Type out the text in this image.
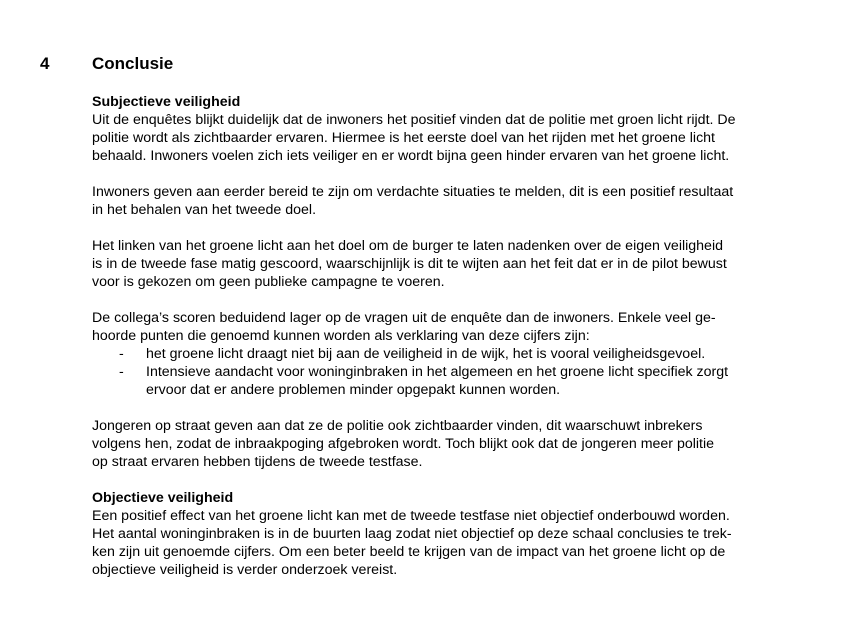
4	Conclusie
Subjectieve veiligheid

Uit de enquêtes blijkt duidelijk dat de inwoners het positief vinden dat de politie met groen licht rijdt. De
politie wordt als zichtbaarder ervaren. Hiermee is het eerste doel van het rijden met het groene licht
behaald. Inwoners voelen zich iets veiliger en er wordt bijna geen hinder ervaren van het groene licht.

Inwoners geven aan eerder bereid te zijn om verdachte situaties te melden, dit is een positief resultaat
in het behalen van het tweede doel.

Het linken van het groene licht aan het doel om de burger te laten nadenken over de eigen veiligheid
is in de tweede fase matig gescoord, waarschijnlijk is dit te wijten aan het feit dat er in de pilot bewust
voor is gekozen om geen publieke campagne te voeren.

De collega’s scoren beduidend lager op de vragen uit de enquête dan de inwoners. Enkele veel ge-
hoorde punten die genoemd kunnen worden als verklaring van deze cijfers zijn:

- het groene licht draagt niet bij aan de veiligheid in de wijk, het is vooral veiligheidsgevoel.
- Intensieve aandacht voor woninginbraken in het algemeen en het groene licht specifiek zorgt
ervoor dat er andere problemen minder opgepakt kunnen worden.

Jongeren op straat geven aan dat ze de politie ook zichtbaarder vinden, dit waarschuwt inbrekers
volgens hen, zodat de inbraakpoging afgebroken wordt. Toch blijkt ook dat de jongeren meer politie
op straat ervaren hebben tijdens de tweede testfase.

Objectieve veiligheid

Een positief effect van het groene licht kan met de tweede testfase niet objectief onderbouwd worden.
Het aantal woninginbraken is in de buurten laag zodat niet objectief op deze schaal conclusies te trek-
ken zijn uit genoemde cijfers. Om een beter beeld te krijgen van de impact van het groene licht op de
objectieve veiligheid is verder onderzoek vereist.
